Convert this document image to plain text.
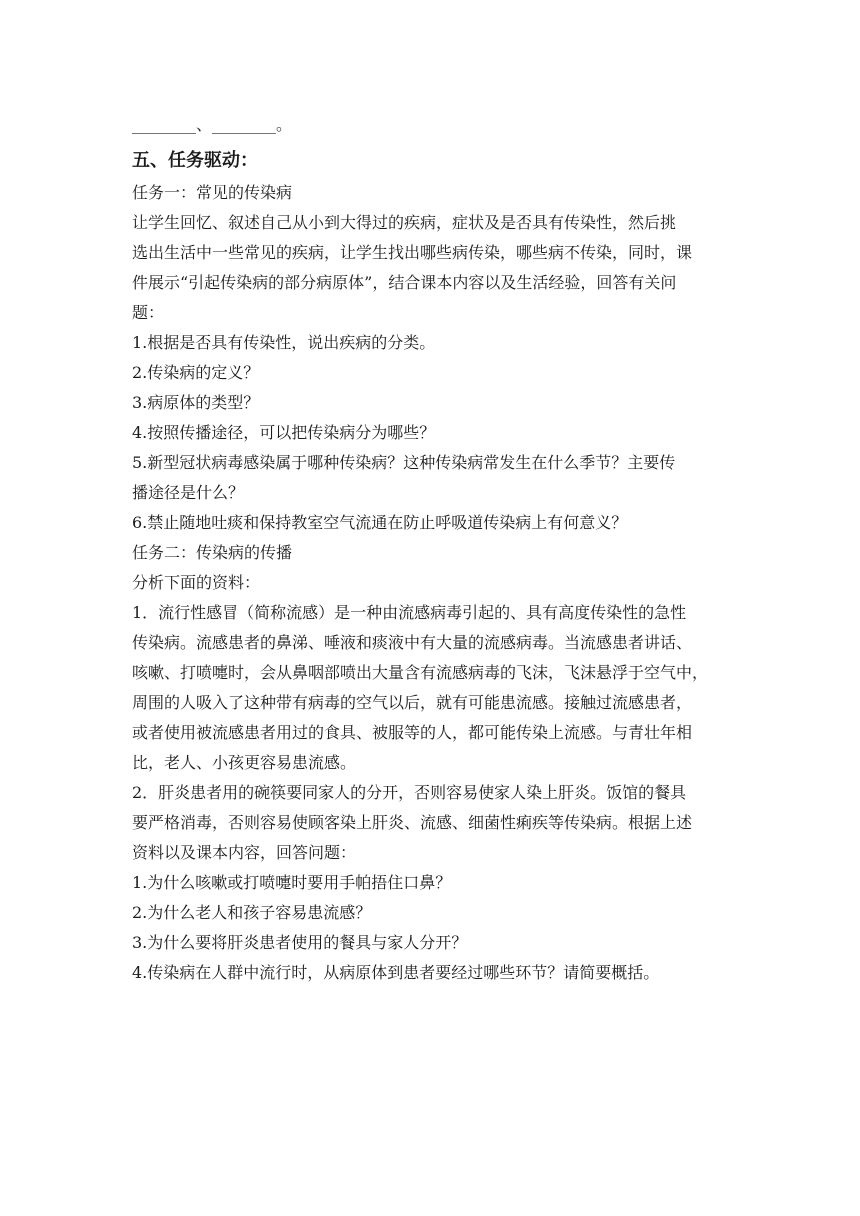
________、________。
五、任务驱动：
任务一：常见的传染病
让学生回忆、叙述自己从小到大得过的疾病，症状及是否具有传染性，然后挑
选出生活中一些常见的疾病，让学生找出哪些病传染，哪些病不传染，同时，课
件展示“引起传染病的部分病原体”，结合课本内容以及生活经验，回答有关问
题：
1.根据是否具有传染性，说出疾病的分类。
2.传染病的定义？
3.病原体的类型？
4.按照传播途径，可以把传染病分为哪些？
5.新型冠状病毒感染属于哪种传染病？这种传染病常发生在什么季节？主要传
播途径是什么？
6.禁止随地吐痰和保持教室空气流通在防止呼吸道传染病上有何意义？
任务二：传染病的传播
分析下面的资料：
1．流行性感冒（简称流感）是一种由流感病毒引起的、具有高度传染性的急性
传染病。流感患者的鼻涕、唾液和痰液中有大量的流感病毒。当流感患者讲话、
咳嗽、打喷嚏时，会从鼻咽部喷出大量含有流感病毒的飞沫，飞沫悬浮于空气中，
周围的人吸入了这种带有病毒的空气以后，就有可能患流感。接触过流感患者，
或者使用被流感患者用过的食具、被服等的人，都可能传染上流感。与青壮年相
比，老人、小孩更容易患流感。
2．肝炎患者用的碗筷要同家人的分开，否则容易使家人染上肝炎。饭馆的餐具
要严格消毒，否则容易使顾客染上肝炎、流感、细菌性痢疾等传染病。根据上述
资料以及课本内容，回答问题：
1.为什么咳嗽或打喷嚏时要用手帕捂住口鼻？
2.为什么老人和孩子容易患流感？
3.为什么要将肝炎患者使用的餐具与家人分开？
4.传染病在人群中流行时，从病原体到患者要经过哪些环节？请简要概括。
